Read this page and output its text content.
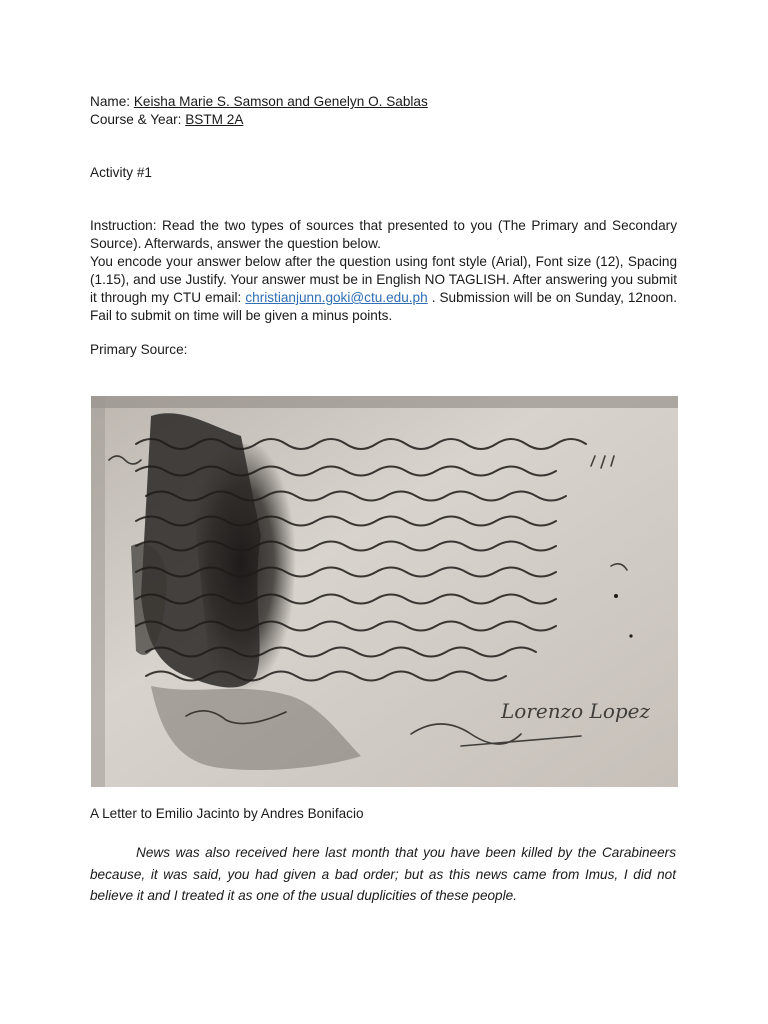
Name: Keisha Marie S. Samson and Genelyn O. Sablas
Course & Year: BSTM 2A
Activity #1
Instruction: Read the two types of sources that presented to you (The Primary and Secondary Source). Afterwards, answer the question below.
You encode your answer below after the question using font style (Arial), Font size (12), Spacing (1.15), and use Justify. Your answer must be in English NO TAGLISH. After answering you submit it through my CTU email: christianjunn.goki@ctu.edu.ph . Submission will be on Sunday, 12noon. Fail to submit on time will be given a minus points.
Primary Source:
Lorenzo Lopez
A Letter to Emilio Jacinto by Andres Bonifacio
News was also received here last month that you have been killed by the Carabineers because, it was said, you had given a bad order; but as this news came from Imus, I did not believe it and I treated it as one of the usual duplicities of these people.
